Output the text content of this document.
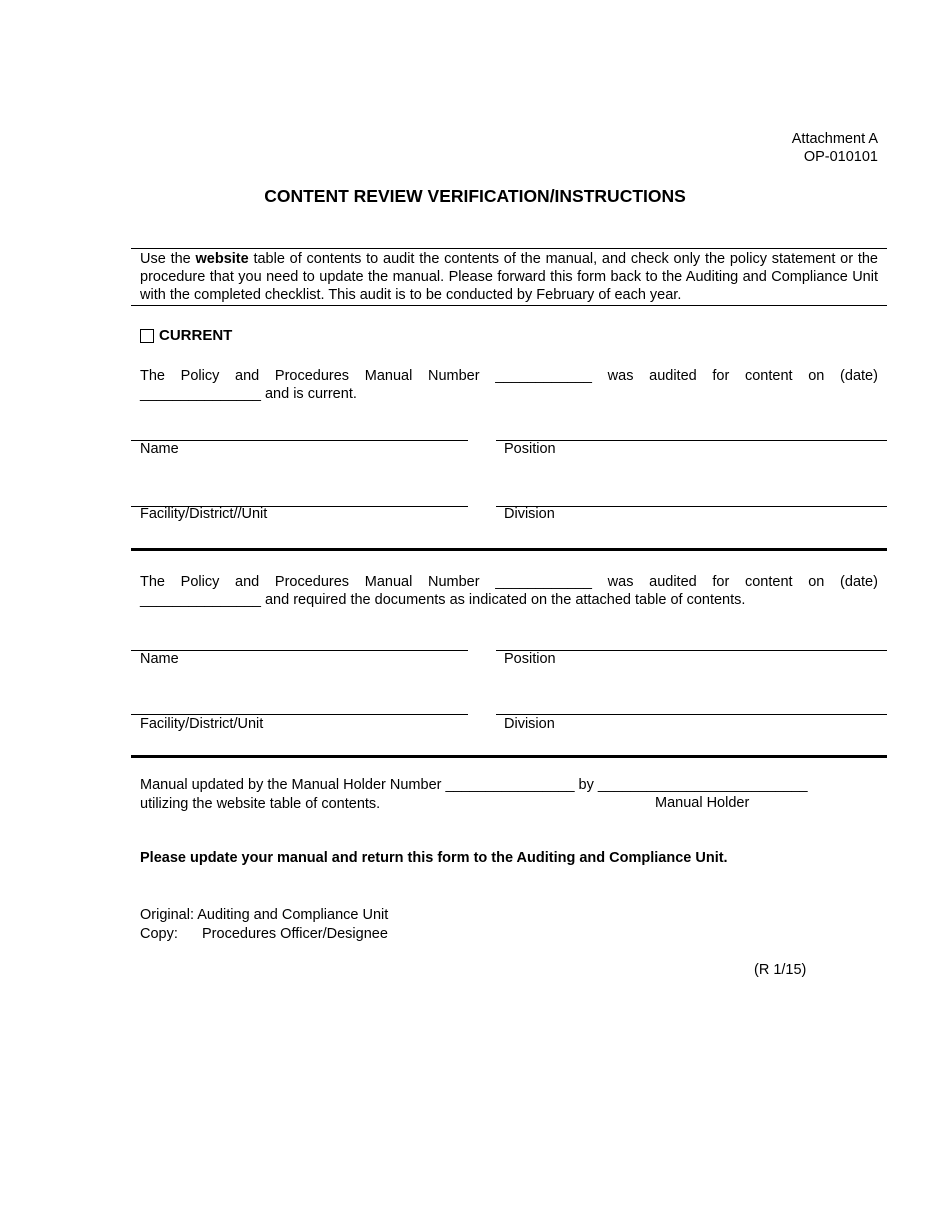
Attachment A
OP-010101
CONTENT REVIEW VERIFICATION/INSTRUCTIONS
Use the website table of contents to audit the contents of the manual, and check only the policy statement or the procedure that you need to update the manual. Please forward this form back to the Auditing and Compliance Unit with the completed checklist. This audit is to be conducted by February of each year.
CURRENT
The Policy and Procedures Manual Number ____________ was audited for content on (date)
_______________ and is current.
Name	Position
Facility/District//Unit	Division
The Policy and Procedures Manual Number ____________ was audited for content on (date)
_______________ and required the documents as indicated on the attached table of contents.
Name	Position
Facility/District/Unit	Division
Manual updated by the Manual Holder Number ________________ by __________________________
utilizing the website table of contents.	Manual Holder
Please update your manual and return this form to the Auditing and Compliance Unit.
Original: Auditing and Compliance Unit
Copy: Procedures Officer/Designee
(R 1/15)
